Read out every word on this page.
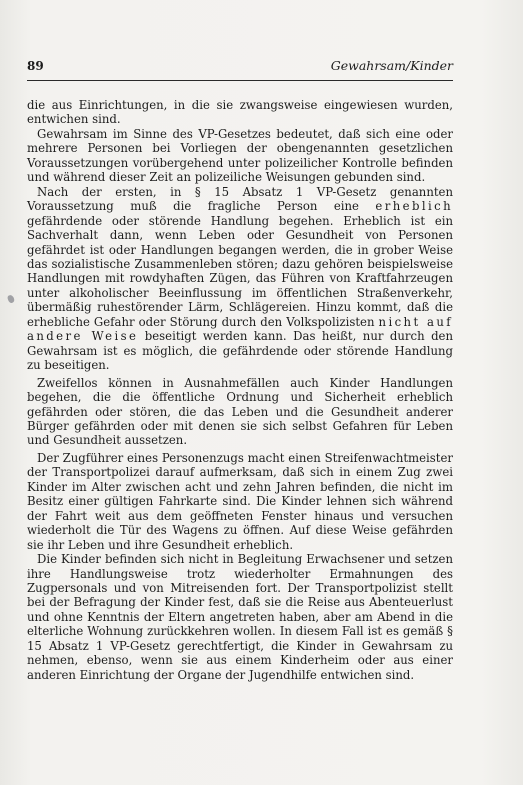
89	Gewahrsam/Kinder

die aus Einrichtungen, in die sie zwangsweise eingewiesen wurden, entwichen sind.

Gewahrsam im Sinne des VP-Gesetzes bedeutet, daß sich eine oder mehrere Personen bei Vorliegen der obengenannten gesetzlichen Voraussetzungen vorübergehend unter polizeilicher Kontrolle befinden und während dieser Zeit an polizeiliche Weisungen gebunden sind.

Nach der ersten, in § 15 Absatz 1 VP-Gesetz genannten Voraussetzung muß die fragliche Person eine erheblich gefährdende oder störende Handlung begehen. Erheblich ist ein Sachverhalt dann, wenn Leben oder Gesundheit von Personen gefährdet ist oder Handlungen begangen werden, die in grober Weise das sozialistische Zusammenleben stören; dazu gehören beispielsweise Handlungen mit rowdyhaften Zügen, das Führen von Kraftfahrzeugen unter alkoholischer Beeinflussung im öffentlichen Straßenverkehr, übermäßig ruhestörender Lärm, Schlägereien. Hinzu kommt, daß die erhebliche Gefahr oder Störung durch den Volkspolizisten nicht auf andere Weise beseitigt werden kann. Das heißt, nur durch den Gewahrsam ist es möglich, die gefährdende oder störende Handlung zu beseitigen.

Zweifellos können in Ausnahmefällen auch Kinder Handlungen begehen, die die öffentliche Ordnung und Sicherheit erheblich gefährden oder stören, die das Leben und die Gesundheit anderer Bürger gefährden oder mit denen sie sich selbst Gefahren für Leben und Gesundheit aussetzen.

Der Zugführer eines Personenzugs macht einen Streifenwachtmeister der Transportpolizei darauf aufmerksam, daß sich in einem Zug zwei Kinder im Alter zwischen acht und zehn Jahren befinden, die nicht im Besitz einer gültigen Fahrkarte sind. Die Kinder lehnen sich während der Fahrt weit aus dem geöffneten Fenster hinaus und versuchen wiederholt die Tür des Wagens zu öffnen. Auf diese Weise gefährden sie ihr Leben und ihre Gesundheit erheblich.

Die Kinder befinden sich nicht in Begleitung Erwachsener und setzen ihre Handlungsweise trotz wiederholter Ermahnungen des Zugpersonals und von Mitreisenden fort. Der Transportpolizist stellt bei der Befragung der Kinder fest, daß sie die Reise aus Abenteuerlust und ohne Kenntnis der Eltern angetreten haben, aber am Abend in die elterliche Wohnung zurückkehren wollen. In diesem Fall ist es gemäß § 15 Absatz 1 VP-Gesetz gerechtfertigt, die Kinder in Gewahrsam zu nehmen, ebenso, wenn sie aus einem Kinderheim oder aus einer anderen Einrichtung der Organe der Jugendhilfe entwichen sind.
